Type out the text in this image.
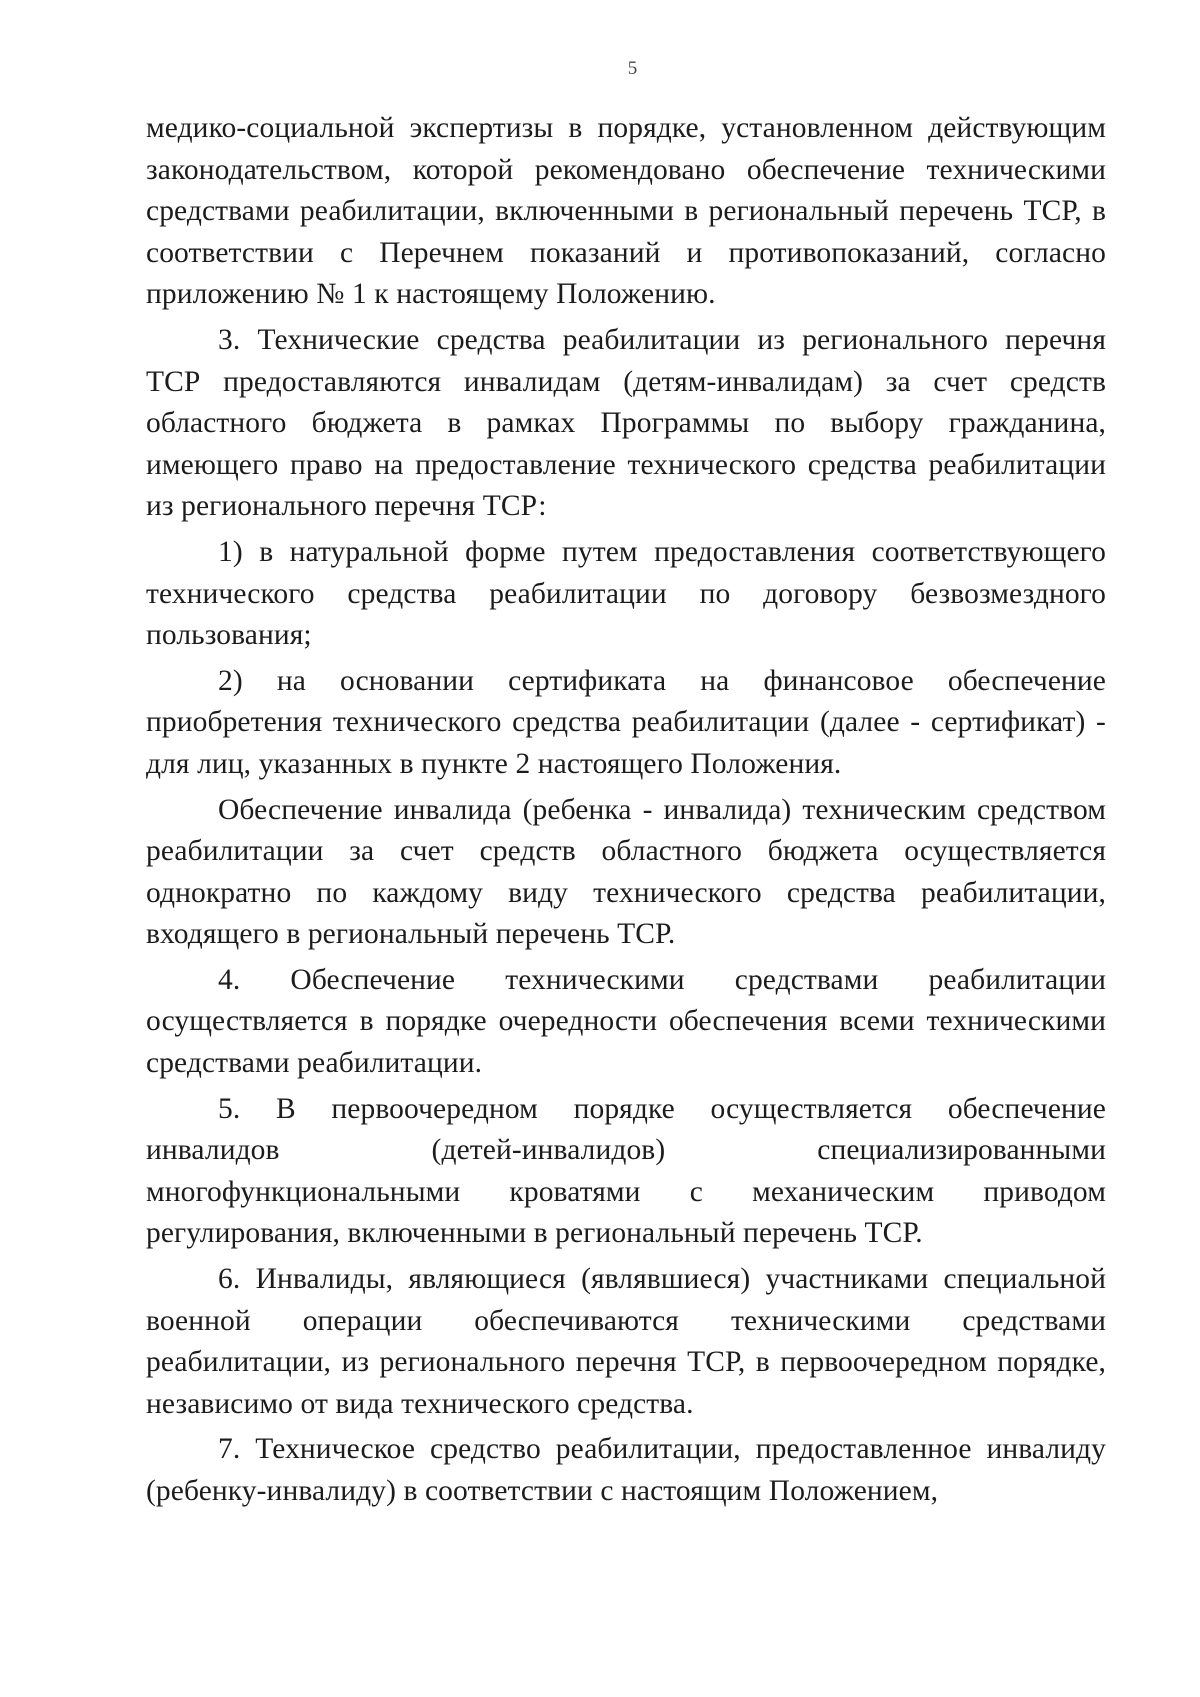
5

медико-социальной экспертизы в порядке, установленном действующим законодательством, которой рекомендовано обеспечение техническими средствами реабилитации, включенными в региональный перечень ТСР, в соответствии с Перечнем показаний и противопоказаний, согласно приложению № 1 к настоящему Положению.

3. Технические средства реабилитации из регионального перечня ТСР предоставляются инвалидам (детям-инвалидам) за счет средств областного бюджета в рамках Программы по выбору гражданина, имеющего право на предоставление технического средства реабилитации из регионального перечня ТСР:

1) в натуральной форме путем предоставления соответствующего технического средства реабилитации по договору безвозмездного пользования;

2) на основании сертификата на финансовое обеспечение приобретения технического средства реабилитации (далее - сертификат) - для лиц, указанных в пункте 2 настоящего Положения.

Обеспечение инвалида (ребенка - инвалида) техническим средством реабилитации за счет средств областного бюджета осуществляется однократно по каждому виду технического средства реабилитации, входящего в региональный перечень ТСР.

4. Обеспечение техническими средствами реабилитации осуществляется в порядке очередности обеспечения всеми техническими средствами реабилитации.

5. В первоочередном порядке осуществляется обеспечение инвалидов (детей-инвалидов) специализированными многофункциональными кроватями с механическим приводом регулирования, включенными в региональный перечень ТСР.

6. Инвалиды, являющиеся (являвшиеся) участниками специальной военной операции обеспечиваются техническими средствами реабилитации, из регионального перечня ТСР, в первоочередном порядке, независимо от вида технического средства.

7. Техническое средство реабилитации, предоставленное инвалиду (ребенку-инвалиду) в соответствии с настоящим Положением,
